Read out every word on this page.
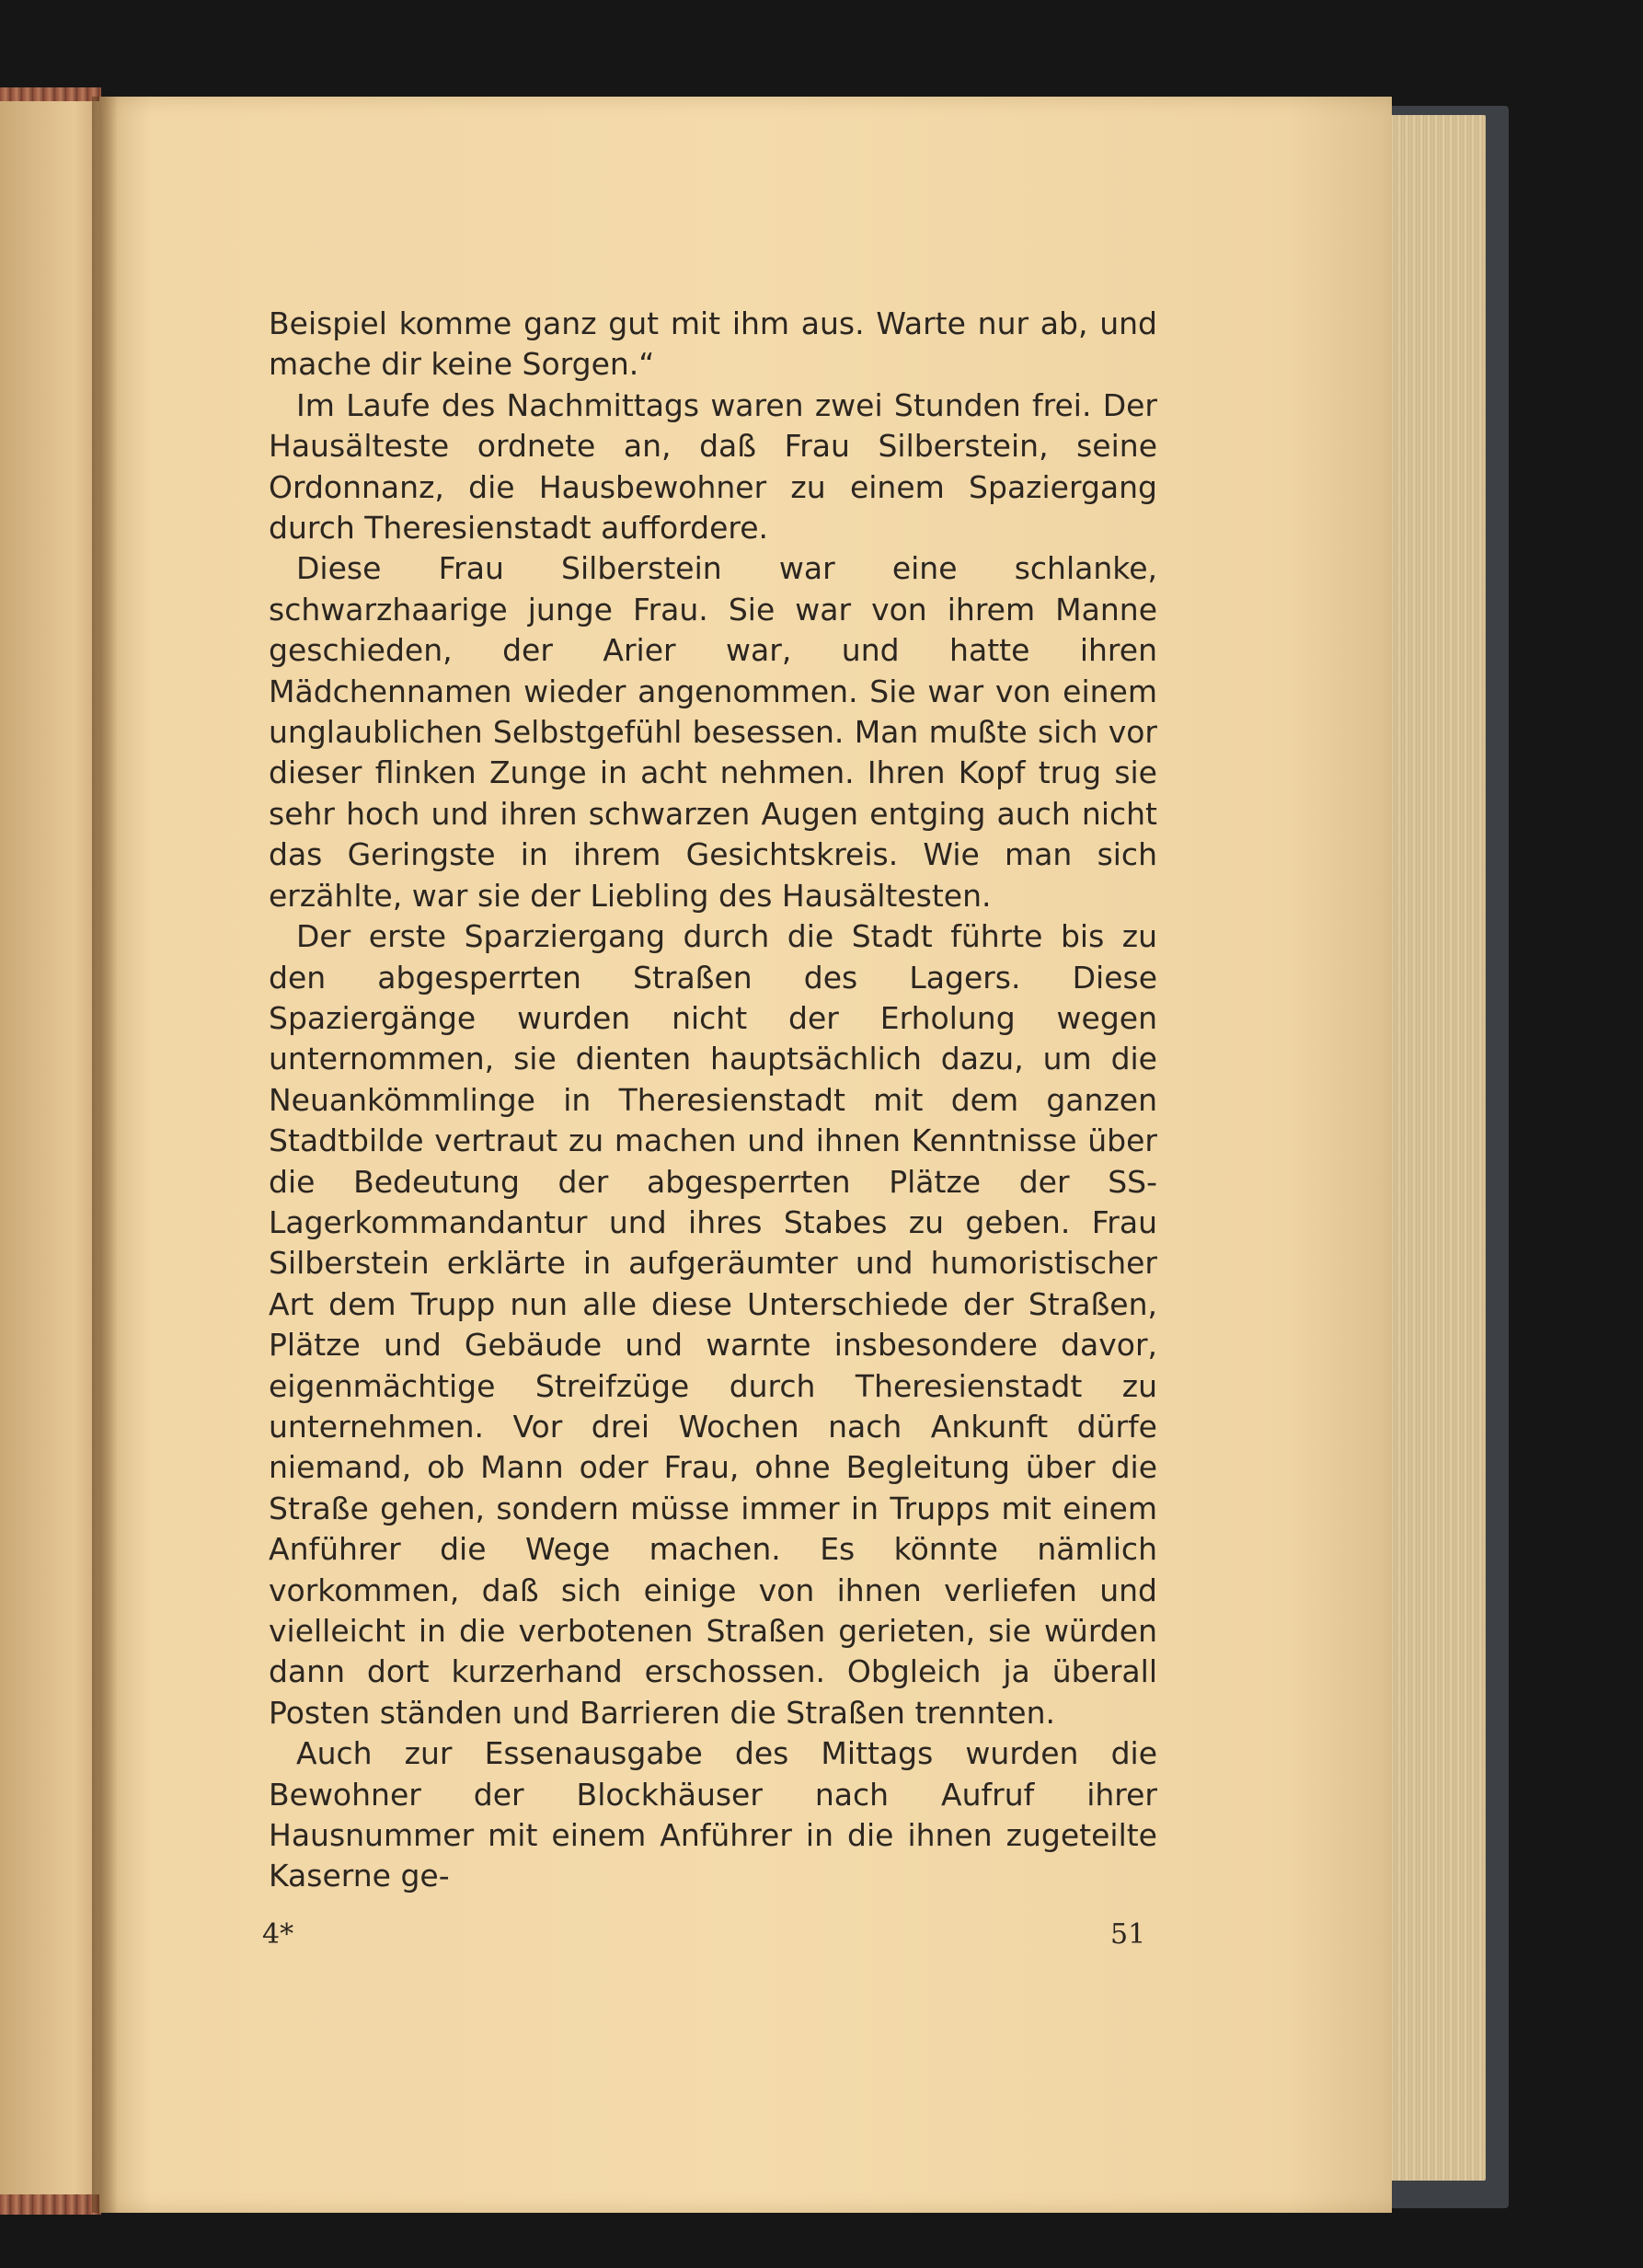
Beispiel komme ganz gut mit ihm aus. Warte nur ab, und mache dir keine Sorgen.“

Im Laufe des Nachmittags waren zwei Stunden frei. Der Hausälteste ordnete an, daß Frau Silberstein, seine Ordonnanz, die Hausbewohner zu einem Spaziergang durch Theresienstadt auffordere.

Diese Frau Silberstein war eine schlanke, schwarzhaarige junge Frau. Sie war von ihrem Manne geschieden, der Arier war, und hatte ihren Mädchennamen wieder angenommen. Sie war von einem unglaublichen Selbstgefühl besessen. Man mußte sich vor dieser flinken Zunge in acht nehmen. Ihren Kopf trug sie sehr hoch und ihren schwarzen Augen entging auch nicht das Geringste in ihrem Gesichtskreis. Wie man sich erzählte, war sie der Liebling des Hausältesten.

Der erste Sparziergang durch die Stadt führte bis zu den abgesperrten Straßen des Lagers. Diese Spaziergänge wurden nicht der Erholung wegen unternommen, sie dienten hauptsächlich dazu, um die Neuankömmlinge in Theresienstadt mit dem ganzen Stadtbilde vertraut zu machen und ihnen Kenntnisse über die Bedeutung der abgesperrten Plätze der SS-Lagerkommandantur und ihres Stabes zu geben. Frau Silberstein erklärte in aufgeräumter und humoristischer Art dem Trupp nun alle diese Unterschiede der Straßen, Plätze und Gebäude und warnte insbesondere davor, eigenmächtige Streifzüge durch Theresienstadt zu unternehmen. Vor drei Wochen nach Ankunft dürfe niemand, ob Mann oder Frau, ohne Begleitung über die Straße gehen, sondern müsse immer in Trupps mit einem Anführer die Wege machen. Es könnte nämlich vorkommen, daß sich einige von ihnen verliefen und vielleicht in die verbotenen Straßen gerieten, sie würden dann dort kurzerhand erschossen. Obgleich ja überall Posten ständen und Barrieren die Straßen trennten.

Auch zur Essenausgabe des Mittags wurden die Bewohner der Blockhäuser nach Aufruf ihrer Hausnummer mit einem Anführer in die ihnen zugeteilte Kaserne ge-

4*	51
